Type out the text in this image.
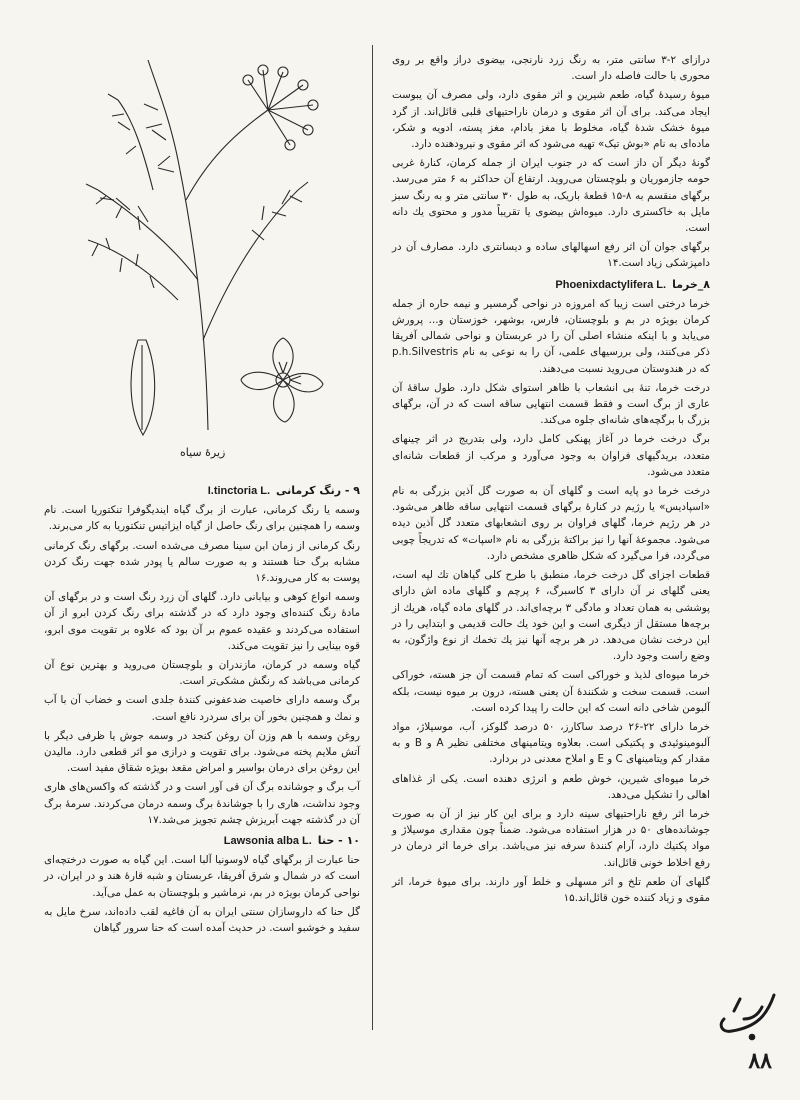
درازای ۲-۳ سانتی متر، به رنگ زرد نارنجی، بیضوی دراز واقع بر روی محوری با حالت فاصله دار است.

میوهٔ رسیدهٔ گیاه، طعم شیرین و اثر مقوی دارد، ولی مصرف آن یبوست ایجاد می‌کند. برای آن اثر مقوی و درمان ناراحتیهای قلبی قائل‌اند. از گرد میوهٔ خشک شدهٔ گیاه، مخلوط با مغز بادام، مغز پسته، ادویه و شکر، ماده‌ای به نام «بوش تیک» تهیه می‌شود که اثر مقوی و نیرودهنده دارد.

گونهٔ دیگر آن داز است که در جنوب ایران از جمله کرمان، کنارهٔ غربی حومه جازموریان و بلوچستان می‌روید. ارتفاع آن حداکثر به ۶ متر می‌رسد. برگهای منقسم به ۸-۱۵ قطعهٔ باریک، به طول ۳۰ سانتی متر و به رنگ سبز مایل به خاکستری دارد. میوه‌اش بیضوی یا تقریباً مدور و محتوی یك دانه است.

برگهای جوان آن اثر رفع اسهالهای ساده و دیسانتری دارد. مصارف آن در دامپزشکی زیاد است.۱۴

۸_خرما
Phoenixdactylifera L.

خرما درختی است زیبا که امروزه در نواحی گرمسیر و نیمه حاره از جمله کرمان بویژه در بم و بلوچستان، فارس، بوشهر، خوزستان و... پرورش می‌یابد و با اینکه منشاء اصلی آن را در عربستان و نواحی شمالی آفریقا ذکر می‌کنند، ولی بررسیهای علمی، آن را به نوعی به نام p.h.Silvestris که در هندوستان می‌روید نسبت می‌دهند.

درخت خرما، تنهٔ بی انشعاب با ظاهر استوای شکل دارد. طول ساقهٔ آن عاری از برگ است و فقط قسمت انتهایی ساقه است که در آن، برگهای بزرگ با برگچه‌های شانه‌ای جلوه می‌کند.

برگ درخت خرما در آغاز پهنکی کامل دارد، ولی بتدریج در اثر چینهای متعدد، بریدگیهای فراوان به وجود می‌آورد و مرکب از قطعات شانه‌ای متعدد می‌شود.

درخت خرما دو پایه است و گلهای آن به صورت گل آذین بزرگی به نام «اسپادیس» یا رژیم در کنارهٔ برگهای قسمت انتهایی ساقه ظاهر می‌شود. در هر رژیم خرما، گلهای فراوان بر روی انشعابهای متعدد گل آذین دیده می‌شود. مجموعهٔ آنها را نیز براکتهٔ بزرگی به نام «اسپات» که تدریجاً چوبی می‌گردد، فرا می‌گیرد که شکل ظاهری مشخص دارد.

قطعات اجزای گل درخت خرما، منطبق با طرح کلی گیاهان تك لپه است، یعنی گلهای نر آن دارای ۳ کاسبرگ، ۶ پرچم و گلهای ماده اش دارای پوششی به همان تعداد و مادگی ۳ برچه‌ای‌اند. در گلهای ماده گیاه، هریك از برچه‌ها مستقل از دیگری است و این خود یك حالت قدیمی و ابتدایی را در این درخت نشان می‌دهد. در هر برچه آنها نیز یك تخمك از نوع واژگون، به وضع راست وجود دارد.

خرما میوه‌ای لذیذ و خوراکی است که تمام قسمت آن جز هسته، خوراکی است. قسمت سخت و شکنندهٔ آن یعنی هسته، درون بر میوه نیست، بلکه آلبومن شاخی دانه است که این حالت را پیدا کرده است.

خرما دارای ۲۲-۲۶ درصد ساکارز، ۵۰ درصد گلوکز، آب، موسیلاژ، مواد آلبومینوئیدی و پکتیکی است. بعلاوه ویتامینهای مختلفی نظیر A و B و به مقدار کم ویتامینهای C و E و املاح معدنی در بردارد.

خرما میوه‌ای شیرین، خوش طعم و انرژی دهنده است. یکی از غذاهای اهالی را تشکیل می‌دهد.

خرما اثر رفع ناراحتیهای سینه دارد و برای این کار نیز از آن به صورت جوشانده‌های ۵۰ در هزار استفاده می‌شود. ضمناً چون مقداری موسیلاژ و مواد پکتیك دارد، آرام کنندهٔ سرفه نیز می‌باشد. برای خرما اثر درمان در رفع اخلاط خونی قائل‌اند.

گلهای آن طعم تلخ و اثر مسهلی و خلط آور دارند. برای میوهٔ خرما، اثر مقوی و زیاد کننده خون قائل‌اند.۱۵

زیرهٔ سیاه
۹ - رنگ کرمانی
I.tinctoria L.

وسمه یا رنگ کرمانی، عبارت از برگ گیاه ایندیگوفرا تنکتوریا است. نام وسمه را همچنین برای رنگ حاصل از گیاه ایزاتیس تنکتوریا به کار می‌برند.

رنگ کرمانی از زمان ابن سینا مصرف می‌شده است. برگهای رنگ کرمانی مشابه برگ حنا هستند و به صورت سالم یا پودر شده جهت رنگ کردن پوست به کار می‌روند.۱۶

وسمه انواع کوهی و بیابانی دارد. گلهای آن زرد رنگ است و در برگهای آن مادهٔ رنگ کننده‌ای وجود دارد که در گذشته برای رنگ کردن ابرو از آن استفاده می‌کردند و عقیده عموم بر آن بود که علاوه بر تقویت موی ابرو، قوه بینایی را نیز تقویت می‌کند.

گیاه وسمه در کرمان، مازندران و بلوچستان می‌روید و بهترین نوع آن کرمانی می‌باشد که رنگش مشکی‌تر است.

برگ وسمه دارای خاصیت ضدعفونی کنندهٔ جلدی است و خضاب آن با آب و نمك و همچنین بخور آن برای سردرد نافع است.

روغن وسمه با هم وزن آن روغن کنجد در وسمه جوش یا ظرفی دیگر با آتش ملایم پخته می‌شود. برای تقویت و درازی مو اثر قطعی دارد. مالیدن این روغن برای درمان بواسیر و امراض مقعد بویژه شقاق مفید است.

آب برگ و جوشانده برگ آن قی آور است و در گذشته که واکسن‌های هاری وجود نداشت، هاری را با جوشاندهٔ برگ وسمه درمان می‌کردند. سرمهٔ برگ آن در گذشته جهت آبریزش چشم تجویز می‌شد.۱۷

۱۰ - حنا
Lawsonia alba L.

حنا عبارت از برگهای گیاه لاوسونیا آلبا است. این گیاه به صورت درختچه‌ای است که در شمال و شرق آفریقا، عربستان و شبه قارهٔ هند و در ایران، در نواحی کرمان بویژه در بم، نرماشیر و بلوچستان به عمل می‌آید.

گل حنا که داروسازان سنتی ایران به آن فاغیه لقب داده‌اند، سرخ مایل به سفید و خوشبو است. در حدیث آمده است که حنا سرور گیاهان

کرمان
۸۸
